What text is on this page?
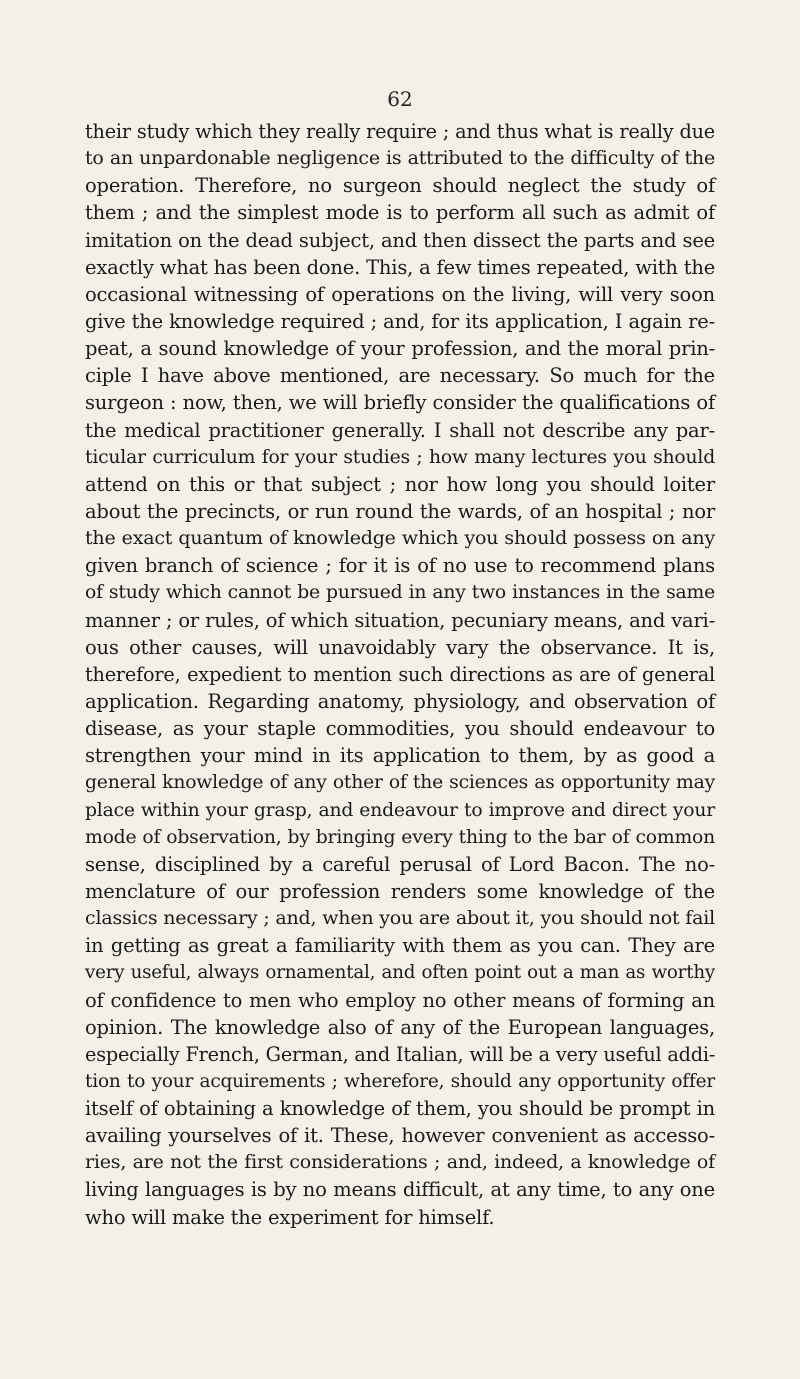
62
their study which they really require ; and thus what is really due
to an unpardonable negligence is attributed to the difficulty of the
operation. Therefore, no surgeon should neglect the study of
them ; and the simplest mode is to perform all such as admit of
imitation on the dead subject, and then dissect the parts and see
exactly what has been done. This, a few times repeated, with the
occasional witnessing of operations on the living, will very soon
give the knowledge required ; and, for its application, I again re-
peat, a sound knowledge of your profession, and the moral prin-
ciple I have above mentioned, are necessary. So much for the
surgeon : now, then, we will briefly consider the qualifications of
the medical practitioner generally. I shall not describe any par-
ticular curriculum for your studies ; how many lectures you should
attend on this or that subject ; nor how long you should loiter
about the precincts, or run round the wards, of an hospital ; nor
the exact quantum of knowledge which you should possess on any
given branch of science ; for it is of no use to recommend plans
of study which cannot be pursued in any two instances in the same
manner ; or rules, of which situation, pecuniary means, and vari-
ous other causes, will unavoidably vary the observance. It is,
therefore, expedient to mention such directions as are of general
application. Regarding anatomy, physiology, and observation of
disease, as your staple commodities, you should endeavour to
strengthen your mind in its application to them, by as good a
general knowledge of any other of the sciences as opportunity may
place within your grasp, and endeavour to improve and direct your
mode of observation, by bringing every thing to the bar of common
sense, disciplined by a careful perusal of Lord Bacon. The no-
menclature of our profession renders some knowledge of the
classics necessary ; and, when you are about it, you should not fail
in getting as great a familiarity with them as you can. They are
very useful, always ornamental, and often point out a man as worthy
of confidence to men who employ no other means of forming an
opinion. The knowledge also of any of the European languages,
especially French, German, and Italian, will be a very useful addi-
tion to your acquirements ; wherefore, should any opportunity offer
itself of obtaining a knowledge of them, you should be prompt in
availing yourselves of it. These, however convenient as accesso-
ries, are not the first considerations ; and, indeed, a knowledge of
living languages is by no means difficult, at any time, to any one
who will make the experiment for himself.
